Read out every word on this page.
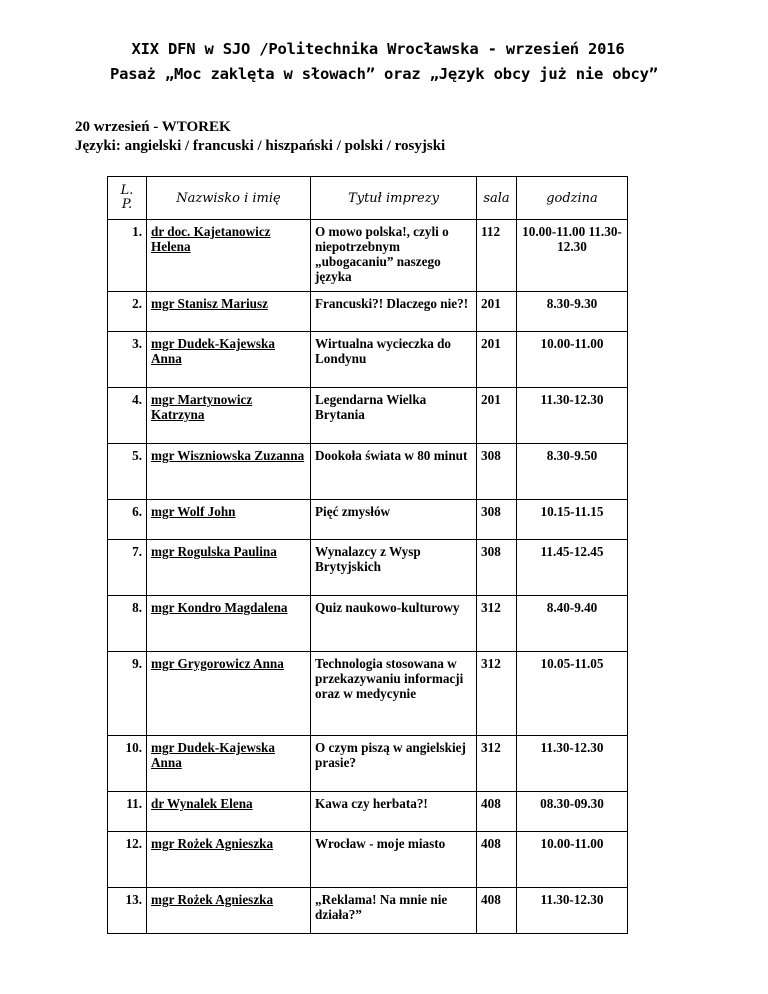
XIX DFN w SJO /Politechnika Wrocławska - wrzesień 2016
Pasaż „Moc zaklęta w słowach” oraz „Język obcy już nie obcy”
20 wrzesień - WTOREK
Języki: angielski / francuski / hiszpański / polski / rosyjski
L.
P.	Nazwisko i imię	Tytuł imprezy	sala	godzina
1.	dr doc. Kajetanowicz Helena	O mowo polska!, czyli o niepotrzebnym „ubogacaniu” naszego języka	112	10.00-11.00 11.30-12.30
2.	mgr Stanisz Mariusz	Francuski?! Dlaczego nie?!	201	8.30-9.30
3.	mgr Dudek-Kajewska Anna	Wirtualna wycieczka do Londynu	201	10.00-11.00
4.	mgr Martynowicz Katrzyna	Legendarna Wielka Brytania	201	11.30-12.30
5.	mgr Wiszniowska Zuzanna	Dookoła świata w 80 minut	308	8.30-9.50
6.	mgr Wolf John	Pięć zmysłów	308	10.15-11.15
7.	mgr Rogulska Paulina	Wynalazcy z Wysp Brytyjskich	308	11.45-12.45
8.	mgr Kondro Magdalena	Quiz naukowo-kulturowy	312	8.40-9.40
9.	mgr Grygorowicz Anna	Technologia stosowana w przekazywaniu informacji oraz w medycynie	312	10.05-11.05
10.	mgr Dudek-Kajewska Anna	O czym piszą w angielskiej prasie?	312	11.30-12.30
11.	dr Wynalek Elena	Kawa czy herbata?!	408	08.30-09.30
12.	mgr Rożek Agnieszka	Wrocław - moje miasto	408	10.00-11.00
13.	mgr Rożek Agnieszka	„Reklama! Na mnie nie działa?”	408	11.30-12.30
